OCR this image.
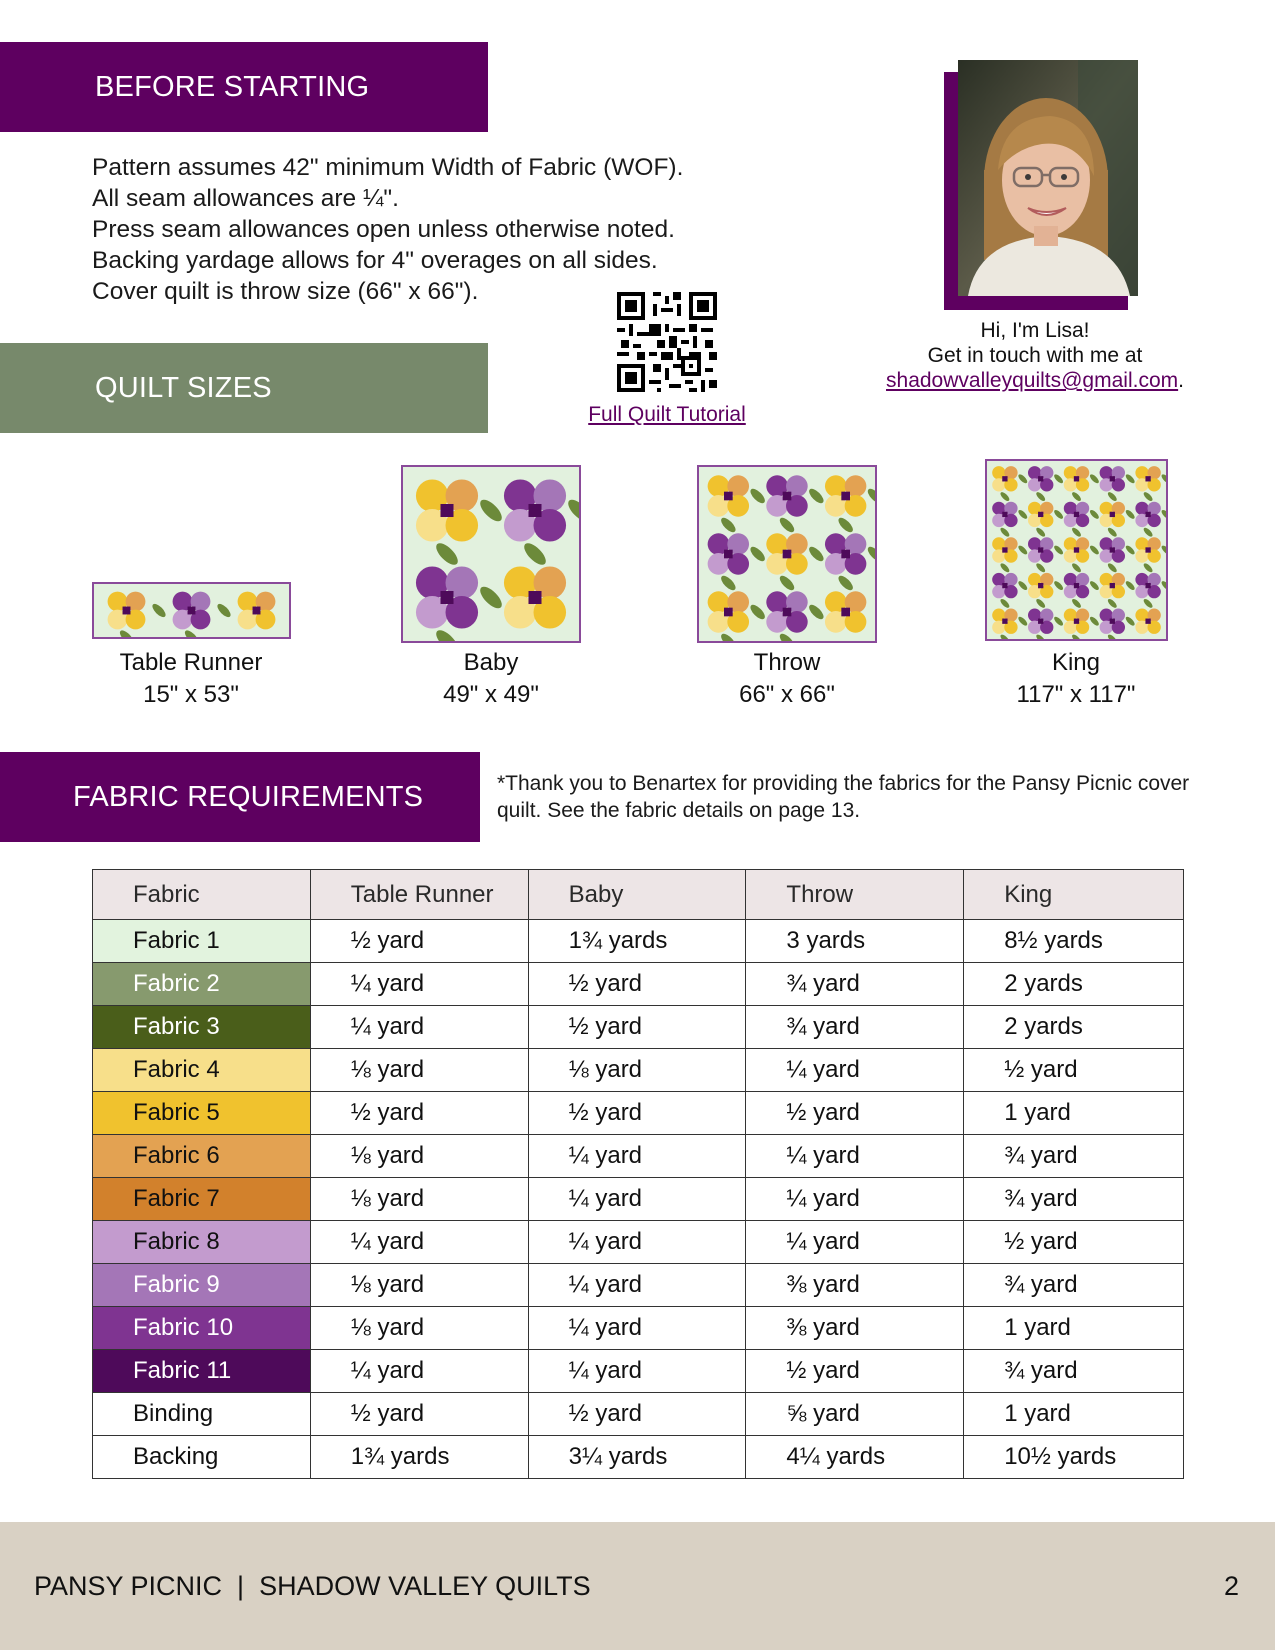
BEFORE STARTING
QUILT SIZES
FABRIC REQUIREMENTS
Pattern assumes 42" minimum Width of Fabric (WOF).
All seam allowances are ¼".
Press seam allowances open unless otherwise noted.
Backing yardage allows for 4" overages on all sides.
Cover quilt is throw size (66" x 66").
Full Quilt Tutorial
Hi, I'm Lisa!
Get in touch with me at
shadowvalleyquilts@gmail.com.
Table Runner
15" x 53"
Baby
49" x 49"
Throw
66" x 66"
King
117" x 117"
*Thank you to Benartex for providing the fabrics for the Pansy Picnic cover quilt. See the fabric details on page 13.
Fabric	Table Runner	Baby	Throw	King
Fabric 1	½ yard	1¾ yards	3 yards	8½ yards
Fabric 2	¼ yard	½ yard	¾ yard	2 yards
Fabric 3	¼ yard	½ yard	¾ yard	2 yards
Fabric 4	⅛ yard	⅛ yard	¼ yard	½ yard
Fabric 5	½ yard	½ yard	½ yard	1 yard
Fabric 6	⅛ yard	¼ yard	¼ yard	¾ yard
Fabric 7	⅛ yard	¼ yard	¼ yard	¾ yard
Fabric 8	¼ yard	¼ yard	¼ yard	½ yard
Fabric 9	⅛ yard	¼ yard	⅜ yard	¾ yard
Fabric 10	⅛ yard	¼ yard	⅜ yard	1 yard
Fabric 11	¼ yard	¼ yard	½ yard	¾ yard
Binding	½ yard	½ yard	⅝ yard	1 yard
Backing	1¾ yards	3¼ yards	4¼ yards	10½ yards
PANSY PICNIC  |  SHADOW VALLEY QUILTS	2
